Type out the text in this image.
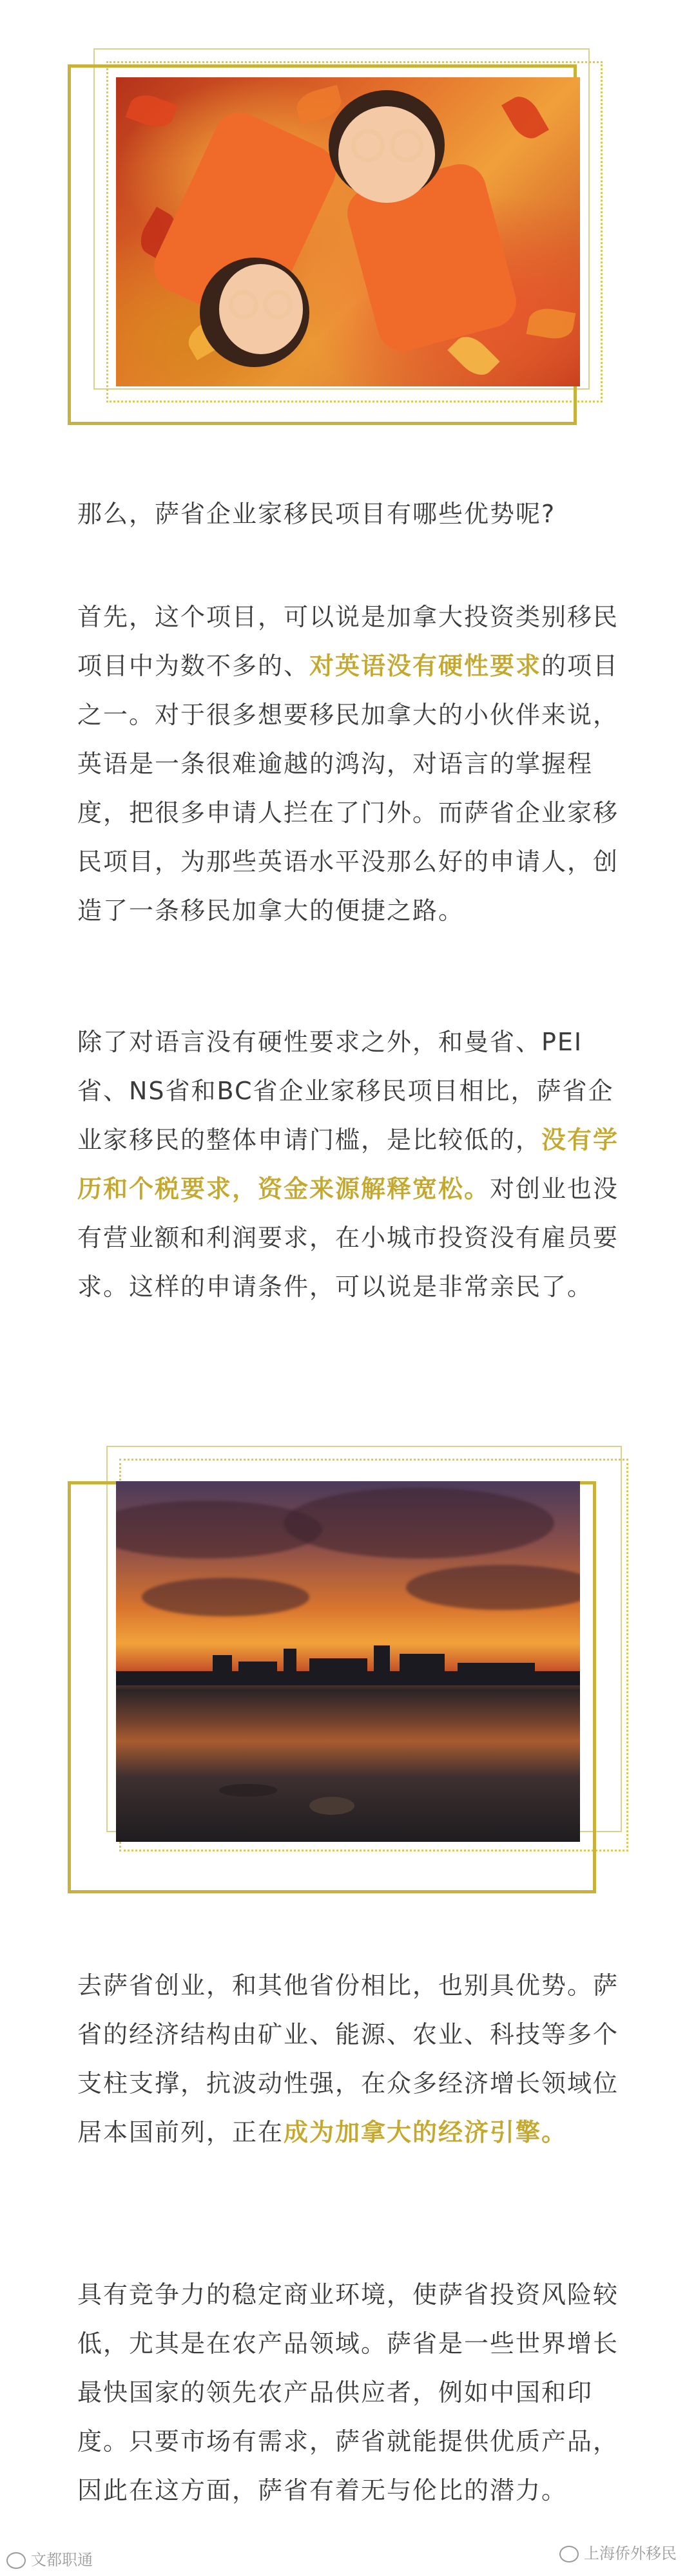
那么，萨省企业家移民项目有哪些优势呢?

首先，这个项目，可以说是加拿大投资类别移民项目中为数不多的、对英语没有硬性要求的项目之一。对于很多想要移民加拿大的小伙伴来说，英语是一条很难逾越的鸿沟，对语言的掌握程度，把很多申请人拦在了门外。而萨省企业家移民项目，为那些英语水平没那么好的申请人，创造了一条移民加拿大的便捷之路。

除了对语言没有硬性要求之外，和曼省、PEI省、NS省和BC省企业家移民项目相比，萨省企业家移民的整体申请门槛，是比较低的，没有学历和个税要求，资金来源解释宽松。对创业也没有营业额和利润要求，在小城市投资没有雇员要求。这样的申请条件，可以说是非常亲民了。

去萨省创业，和其他省份相比，也别具优势。萨省的经济结构由矿业、能源、农业、科技等多个支柱支撑，抗波动性强，在众多经济增长领域位居本国前列，正在成为加拿大的经济引擎。

具有竞争力的稳定商业环境，使萨省投资风险较低，尤其是在农产品领域。萨省是一些世界增长最快国家的领先农产品供应者，例如中国和印度。只要市场有需求，萨省就能提供优质产品，因此在这方面，萨省有着无与伦比的潜力。

文都职通	上海侨外移民
